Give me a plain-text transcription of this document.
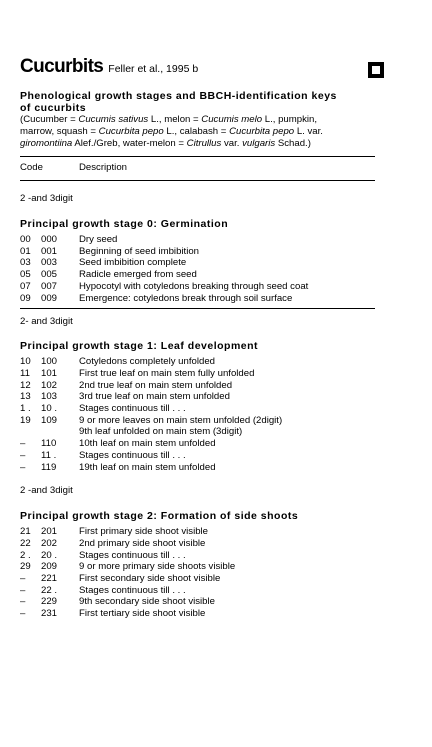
Cucurbits Feller et al., 1995 b
Phenological growth stages and BBCH-identification keys
of cucurbits
(Cucumber = Cucumis sativus L., melon = Cucumis melo L., pumpkin,
marrow, squash = Cucurbita pepo L., calabash = Cucurbita pepo L. var.
giromontiina Alef./Greb, water-melon = Citrullus var. vulgaris Schad.)
Code	Description
2 -and 3digit
Principal growth stage 0: Germination
00	000	Dry seed
01	001	Beginning of seed imbibition
03	003	Seed imbibition complete
05	005	Radicle emerged from seed
07	007	Hypocotyl with cotyledons breaking through seed coat
09	009	Emergence: cotyledons break through soil surface
2- and 3digit
Principal growth stage 1: Leaf development
10	100	Cotyledons completely unfolded
11	101	First true leaf on main stem fully unfolded
12	102	2nd true leaf on main stem unfolded
13	103	3rd true leaf on main stem unfolded
1 .	10 .	Stages continuous till . . .
19	109	9 or more leaves on main stem unfolded (2digit)
9th leaf unfolded on main stem (3digit)
–	110	10th leaf on main stem unfolded
–	11 .	Stages continuous till . . .
–	119	19th leaf on main stem unfolded
2 -and 3digit
Principal growth stage 2: Formation of side shoots
21	201	First primary side shoot visible
22	202	2nd primary side shoot visible
2 .	20 .	Stages continuous till . . .
29	209	9 or more primary side shoots visible
–	221	First secondary side shoot visible
–	22 .	Stages continuous till . . .
–	229	9th secondary side shoot visible
–	231	First tertiary side shoot visible
